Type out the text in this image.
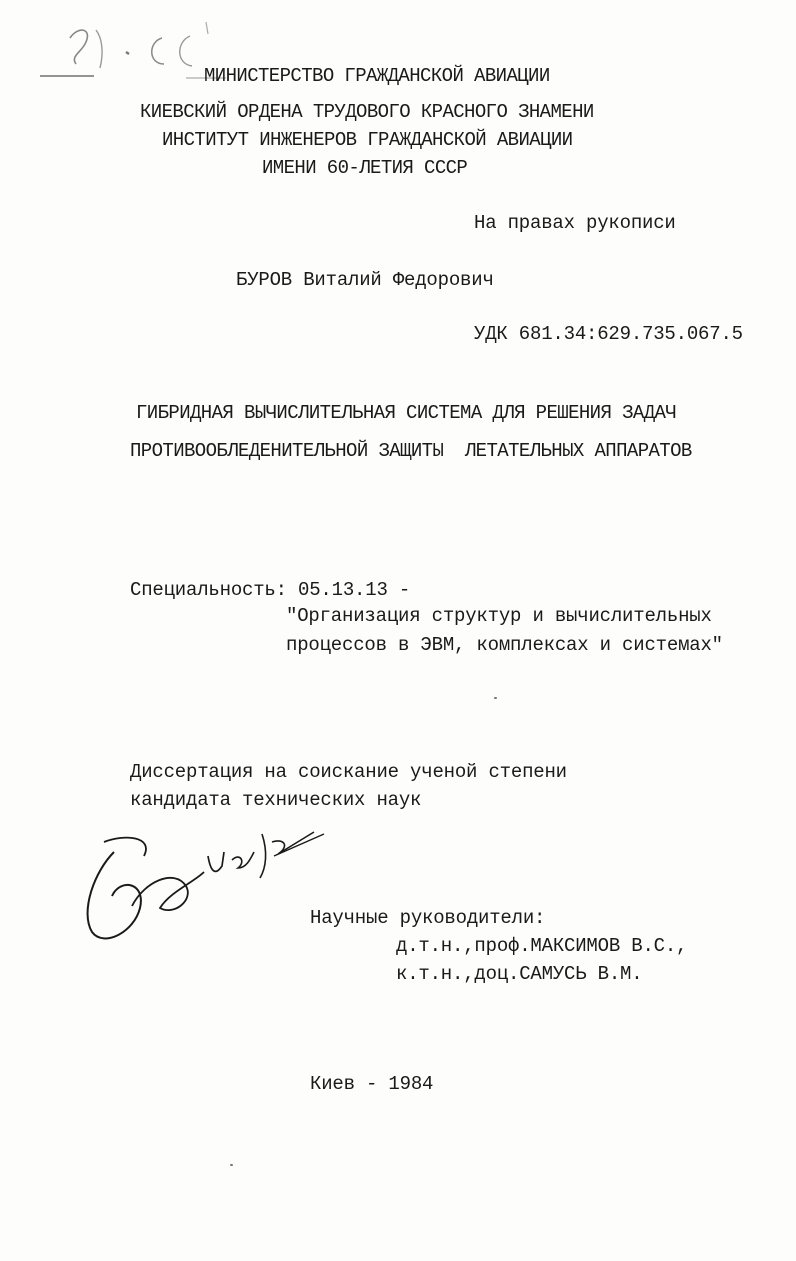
МИНИСТЕРСТВО ГРАЖДАНСКОЙ АВИАЦИИ
КИЕВСКИЙ ОРДЕНА ТРУДОВОГО КРАСНОГО ЗНАМЕНИ
ИНСТИТУТ ИНЖЕНЕРОВ ГРАЖДАНСКОЙ АВИАЦИИ
ИМЕНИ 60-ЛЕТИЯ СССР
На правах рукописи
БУРОВ Виталий Федорович
УДК 681.34:629.735.067.5
ГИБРИДНАЯ ВЫЧИСЛИТЕЛЬНАЯ СИСТЕМА ДЛЯ РЕШЕНИЯ ЗАДАЧ
ПРОТИВООБЛЕДЕНИТЕЛЬНОЙ ЗАЩИТЫ  ЛЕТАТЕЛЬНЫХ АППАРАТОВ
Специальность: 05.13.13 -
"Организация структур и вычислительных
процессов в ЭВМ, комплексах и системах"
Диссертация на соискание ученой степени
кандидата технических наук
Научные руководители:
д.т.н.,проф.МАКСИМОВ В.С.,
к.т.н.,доц.САМУСЬ В.М.
Киев - 1984
